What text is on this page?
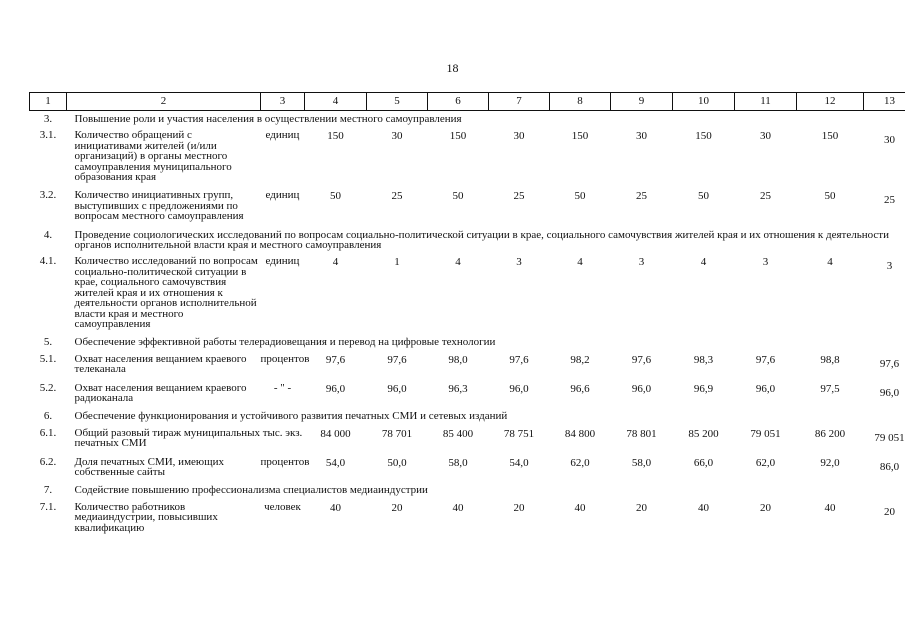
18
1	2	3	4	5	6	7	8	9	10	11	12	13
3.	Повышение роли и участия населения в осуществлении местного самоуправления											
3.1.	Количество обращений с инициативами жителей (и/или организаций) в органы местного самоуправления муниципального образования края	единиц	150	30	150	30	150	30	150	30	150	30
3.2.	Количество инициативных групп, выступивших с предложениями по вопросам местного самоуправления	единиц	50	25	50	25	50	25	50	25	50	25
4.	Проведение социологических исследований по вопросам социально-политической ситуации в крае, социального самочувствия жителей края и их отношения к деятельности органов исполнительной власти края и местного самоуправления											
4.1.	Количество исследований по вопросам социально-политической ситуации в крае, социального самочувствия жителей края и их отношения к деятельности органов исполнительной власти края и местного самоуправления	единиц	4	1	4	3	4	3	4	3	4	3
5.	Обеспечение эффективной работы телерадиовещания и перевод на цифровые технологии											
5.1.	Охват населения вещанием краевого телеканала	процентов	97,6	97,6	98,0	97,6	98,2	97,6	98,3	97,6	98,8	97,6
5.2.	Охват населения вещанием краевого радиоканала	- " -	96,0	96,0	96,3	96,0	96,6	96,0	96,9	96,0	97,5	96,0
6.	Обеспечение функционирования и устойчивого развития печатных СМИ и сетевых изданий											
6.1.	Общий разовый тираж муниципальных печатных СМИ	тыс. экз.	84 000	78 701	85 400	78 751	84 800	78 801	85 200	79 051	86 200	79 051
6.2.	Доля печатных СМИ, имеющих собственные сайты	процентов	54,0	50,0	58,0	54,0	62,0	58,0	66,0	62,0	92,0	86,0
7.	Содействие повышению профессионализма специалистов медиаиндустрии											
7.1.	Количество работников медиаиндустрии, повысивших квалификацию	человек	40	20	40	20	40	20	40	20	40	20
